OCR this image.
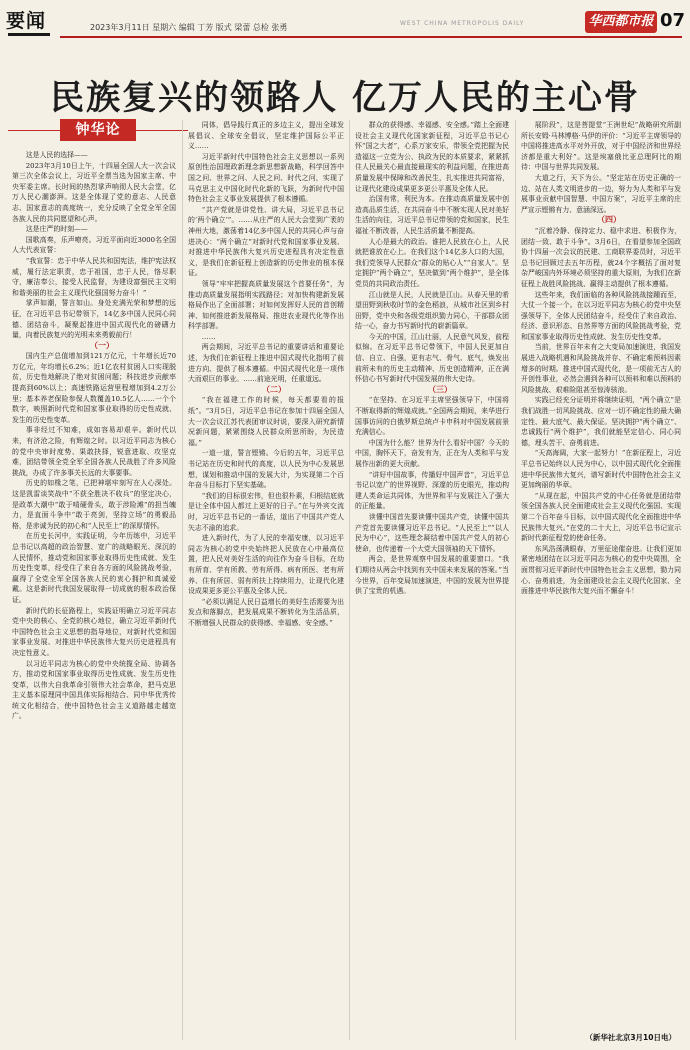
要闻	2023年3月11日 星期六 编辑 丁芳 版式 梁蕾 总检 张勇	WEST CHINA METROPOLIS DAILY	华西都市报 07
民族复兴的领路人 亿万人民的主心骨
钟华论

这是人民的选择——

2023年3月10日上午，十四届全国人大一次会议第三次全体会议上，习近平全票当选为国家主席、中央军委主席。长时间的热烈掌声响彻人民大会堂，亿万人民心潮澎湃。这是全体现了党的意志、人民意志、国家意志的高度统一，充分反映了全党全军全国各族人民的共同愿望和心声。

这是庄严的时刻——

国歌高奏，乐声嘹亮。习近平面向近3000名全国人大代表宣誓：

“我宣誓：忠于中华人民共和国宪法，维护宪法权威，履行法定职责，忠于祖国，忠于人民，恪尽职守，廉洁奉公，接受人民监督，为建设富强民主文明和谐美丽的社会主义现代化强国努力奋斗！”

掌声如潮，誓言如山。身处充满光荣和梦想的远征，在习近平总书记带领下，14亿多中国人民同心同德、团结奋斗，凝聚起推进中国式现代化的磅礴力量，向着民族复兴的光明未来勇毅前行！

（一）

国内生产总值增加到121万亿元，十年增长近70万亿元，年均增长6.2%；近1亿农村贫困人口实现脱贫，历史性地解决了绝对贫困问题；科技进步贡献率提高到60%以上；高速铁路运营里程增加到4.2万公里；基本养老保险参保人数覆盖10.5亿人……一个个数字，映照新时代党和国家事业取得的历史性成就、发生的历史性变革。

事非经过不知难，成如容易却艰辛。新时代以来，有济沧之险，有辉煌之时。以习近平同志为核心的党中央审时度势、果敢抉择，锐意进取、攻坚克难，团结带领全党全军全国各族人民战胜了许多风险挑战，办成了许多事关长远的大事要事。

历史的如椽之笔，已把神堪牢刻写在人心深处。这是凯雷谈笑战中“不获全胜决不收兵”的坚定决心，是政革大潮中“敢于啃硬骨头，敢于涉险滩”的担当魄力，是直面斗争中“敢于亮剑，坚持立场”的勇毅品格，是赤诚为民的初心和“人民至上”的深厚情怀。

在历史长河中，实践证明，今年历练中，习近平总书记以高超的政治智慧、宽广的战略眼光、深沉的人民情怀，推动党和国家事业取得历史性成就、发生历史性变革，经受住了来自各方面的风险挑战考验，赢得了全党全军全国各族人民的衷心拥护和真诚爱戴。这是新时代我国发展取得一切成就的根本政治保证。

新时代的长征路程上，实践证明确立习近平同志党中央的核心、全党的核心地位，确立习近平新时代中国特色社会主义思想的指导地位，对新时代党和国家事业发展、对推进中华民族伟大复兴历史进程具有决定性意义。

以习近平同志为核心的党中央统揽全局、协调各方，推动党和国家事业取得历史性成就、发生历史性变革，以伟大自我革命引领伟大社会革命，把马克思主义基本原理同中国具体实际相结合、同中华优秀传统文化相结合，使中国特色社会主义道路越走越宽广。

同体，倡导践行真正的多边主义，提出全球发展倡议、全球安全倡议，坚定维护国际公平正义……

习近平新时代中国特色社会主义思想以一系列原创性治国理政新理念新思想新战略，科学回答中国之问、世界之问、人民之问、时代之问，实现了马克思主义中国化时代化新的飞跃，为新时代中国特色社会主义事业发展提供了根本遵循。

“共产党就是讲党性、讲大局，习近平总书记的‘两个确立’”。……从庄严的人民大会堂到广袤的神州大地，激荡着14亿多中国人民的共同心声与奋进决心：“两个确立”对新时代党和国家事业发展、对推进中华民族伟大复兴历史进程具有决定性意义，是我们在新征程上创造新的历史伟业的根本保证。

领导“牢牢把握高质量发展这个首要任务”，为推动高质量发展指明实践路径；对加快构建新发展格局作出了全面部署；对如何发挥好人民的首创精神、如何推进新发展格局、推进农业现代化等作出科学部署。

……

两会期间，习近平总书记的重要讲话和重要论述，为我们在新征程上推进中国式现代化指明了前进方向、提供了根本遵循。中国式现代化是一项伟大而艰巨的事业。……前途光明，任重道远。

（二）

“我在福建工作的时候，每天都要看的报纸”。“3月5日，习近平总书记在参加十四届全国人大一次会议江苏代表团审议时说，要深入研究新情况新问题，紧紧围绕人民群众所思所盼，为民造福。”

一道一道，誓言铿锵。今后的五年，习近平总书记站在历史和时代的高度，以人民为中心发展思想，谋划和推动中国的发展大计，为实现第二个百年奋斗目标打下坚实基础。

“我们的目标很宏伟，但也很朴素，归根结底就是让全体中国人都过上更好的日子。”在与外宾交流时，习近平总书记的一番话，道出了中国共产党人矢志不渝的追求。

进入新时代，为了人民的幸福安康，以习近平同志为核心的党中央始终把人民放在心中最高位置，把人民对美好生活的向往作为奋斗目标，在幼有所育、学有所教、劳有所得、病有所医、老有所养、住有所居、弱有所扶上持续用力，让现代化建设成果更多更公平惠及全体人民。

“必须以满足人民日益增长的美好生活需要为出发点和落脚点，把发展成果不断转化为生活品质，不断增强人民群众的获得感、幸福感、安全感。”

群众的获得感、幸福感、安全感。”踏上全面建设社会主义现代化国家新征程，习近平总书记心怀“国之大者”，心系万家安乐，带领全党把握为民造福这一立党为公、执政为民的本质要求，紧紧抓住人民最关心最直接最现实的利益问题，在推进高质量发展中保障和改善民生，扎实推进共同富裕，让现代化建设成果更多更公平惠及全体人民。

治国有常，利民为本。在推动高质量发展中创造高品质生活，在共同奋斗中不断实现人民对美好生活的向往，习近平总书记带领的党和国家，民生福祉不断改善，人民生活质量不断提高。

人心是最大的政治。谁把人民放在心上，人民就把谁放在心上。在我们这个14亿多人口的大国，我们党领导人民群众“群众的贴心人”“自家人”。坚定拥护“两个确立”，坚决做到“两个维护”，是全体党员的共同政治责任。

江山就是人民，人民就是江山。从春天里的希望田野到秋收时节的金色稻浪，从城市社区到乡村田野，党中央和各级党组织勠力同心，干部群众团结一心，奋力书写新时代的崭新篇章。

今天的中国，江山壮丽，人民意气风发，前程似锦。在习近平总书记带领下，中国人民更加自信、自立、自强，更有志气、骨气、底气，焕发出前所未有的历史主动精神、历史创造精神，正在满怀信心书写新时代中国发展的伟大史诗。

（三）

“在坚持、在习近平主席坚强领导下，中国将不断取得新的辉煌成就。”全国两会期间，来华进行国事访问的白俄罗斯总统卢卡申科对中国发展前景充满信心。

中国为什么能？世界为什么看好中国？今天的中国，胸怀天下，奋发有为，正在为人类和平与发展作出新的更大贡献。

“讲好中国故事，传播好中国声音”，习近平总书记以宽广的世界视野、深邃的历史眼光，推动构建人类命运共同体，为世界和平与发展注入了强大的正能量。

读懂中国首先要读懂中国共产党，读懂中国共产党首先要读懂习近平总书记。“人民至上”“以人民为中心”，这些理念凝结着中国共产党人的初心使命，也传递着一个大党大国领袖的天下情怀。

两会，是世界观察中国发展的重要窗口。“我们期待从两会中找到有关中国未来发展的答案。”当今世界，百年变局加速演进，中国的发展为世界提供了宝贵的机遇。

展阶段”，这是菩提堂“王洲世纪”战略研究所副所长安姆·马林博格·马伊的评价：“习近平主席领导的中国将推进高水平对外开放，对于中国经济和世界经济都是重大利好”。这是埃塞俄比亚总理阿比的期待：中国与世界共同发展。

大道之行，天下为公。“坚定站在历史正确的一边、站在人类文明进步的一边，努力为人类和平与发展事业贡献中国智慧、中国方案”，习近平主席的庄严宣示铿锵有力、意涵深远。

（四）

“沉着冷静、保持定力、稳中求进、积极作为，团结一致、敢于斗争”。3月6日，在看望参加全国政协十四届一次会议的民建、工商联界委员时，习近平总书记回顾过去五年历程，就24个字概括了面对复杂严峻国内外环境必须坚持的重大原则，为我们在新征程上战胜风险挑战、赢得主动提供了根本遵循。

这些年来，我们面临的各种风险挑战接踵而至，大仗一个接一个。在以习近平同志为核心的党中央坚强领导下，全体人民团结奋斗，经受住了来自政治、经济、意识形态、自然界等方面的风险挑战考验，党和国家事业取得历史性成就、发生历史性变革。

当前，世界百年未有之大变局加速演进，我国发展进入战略机遇和风险挑战并存、不确定难预料因素增多的时期。推进中国式现代化，是一项前无古人的开创性事业，必然会遇到各种可以预料和难以预料的风险挑战、艰难险阻甚至惊涛骇浪。

实践已经充分证明并将继续证明，“两个确立”是我们战胜一切风险挑战、应对一切不确定性的最大确定性、最大底气、最大保证。坚决拥护“两个确立”、忠诚践行“两个维护”，我们就能坚定信心、同心同德，埋头苦干、奋勇前进。

“天高海阔，大家一起努力！”在新征程上，习近平总书记始终以人民为中心，以中国式现代化全面推进中华民族伟大复兴，谱写新时代中国特色社会主义更加绚丽的华章。

“从现在起，中国共产党的中心任务就是团结带领全国各族人民全面建成社会主义现代化强国、实现第二个百年奋斗目标，以中国式现代化全面推进中华民族伟大复兴。”在党的二十大上，习近平总书记宣示新时代新征程党的使命任务。

东风浩荡满眼春，万里征途催奋进。让我们更加紧密地团结在以习近平同志为核心的党中央周围，全面贯彻习近平新时代中国特色社会主义思想，勠力同心、奋勇前进，为全面建设社会主义现代化国家、全面推进中华民族伟大复兴而不懈奋斗！

（新华社北京3月10日电）
